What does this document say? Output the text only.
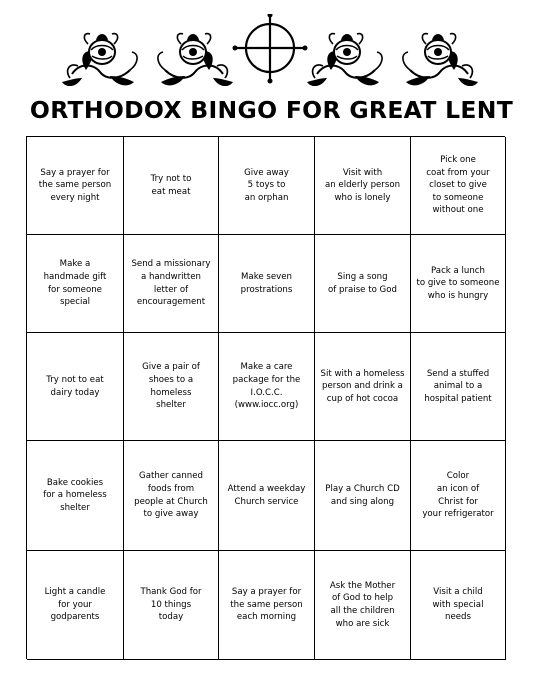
ORTHODOX BINGO FOR GREAT LENT
Say a prayer for
the same person
every night
Try not to
eat meat
Give away
5 toys to
an orphan
Visit with
an elderly person
who is lonely
Pick one
coat from your
closet to give
to someone
without one
Make a
handmade gift
for someone
special
Send a missionary
a handwritten
letter of
encouragement
Make seven
prostrations
Sing a song
of praise to God
Pack a lunch
to give to someone
who is hungry
Try not to eat
dairy today
Give a pair of
shoes to a
homeless
shelter
Make a care
package for the
I.O.C.C.
(www.iocc.org)
Sit with a homeless
person and drink a
cup of hot cocoa
Send a stuffed
animal to a
hospital patient
Bake cookies
for a homeless
shelter
Gather canned
foods from
people at Church
to give away
Attend a weekday
Church service
Play a Church CD
and sing along
Color
an icon of
Christ for
your refrigerator
Light a candle
for your
godparents
Thank God for
10 things
today
Say a prayer for
the same person
each morning
Ask the Mother
of God to help
all the children
who are sick
Visit a child
with special
needs
